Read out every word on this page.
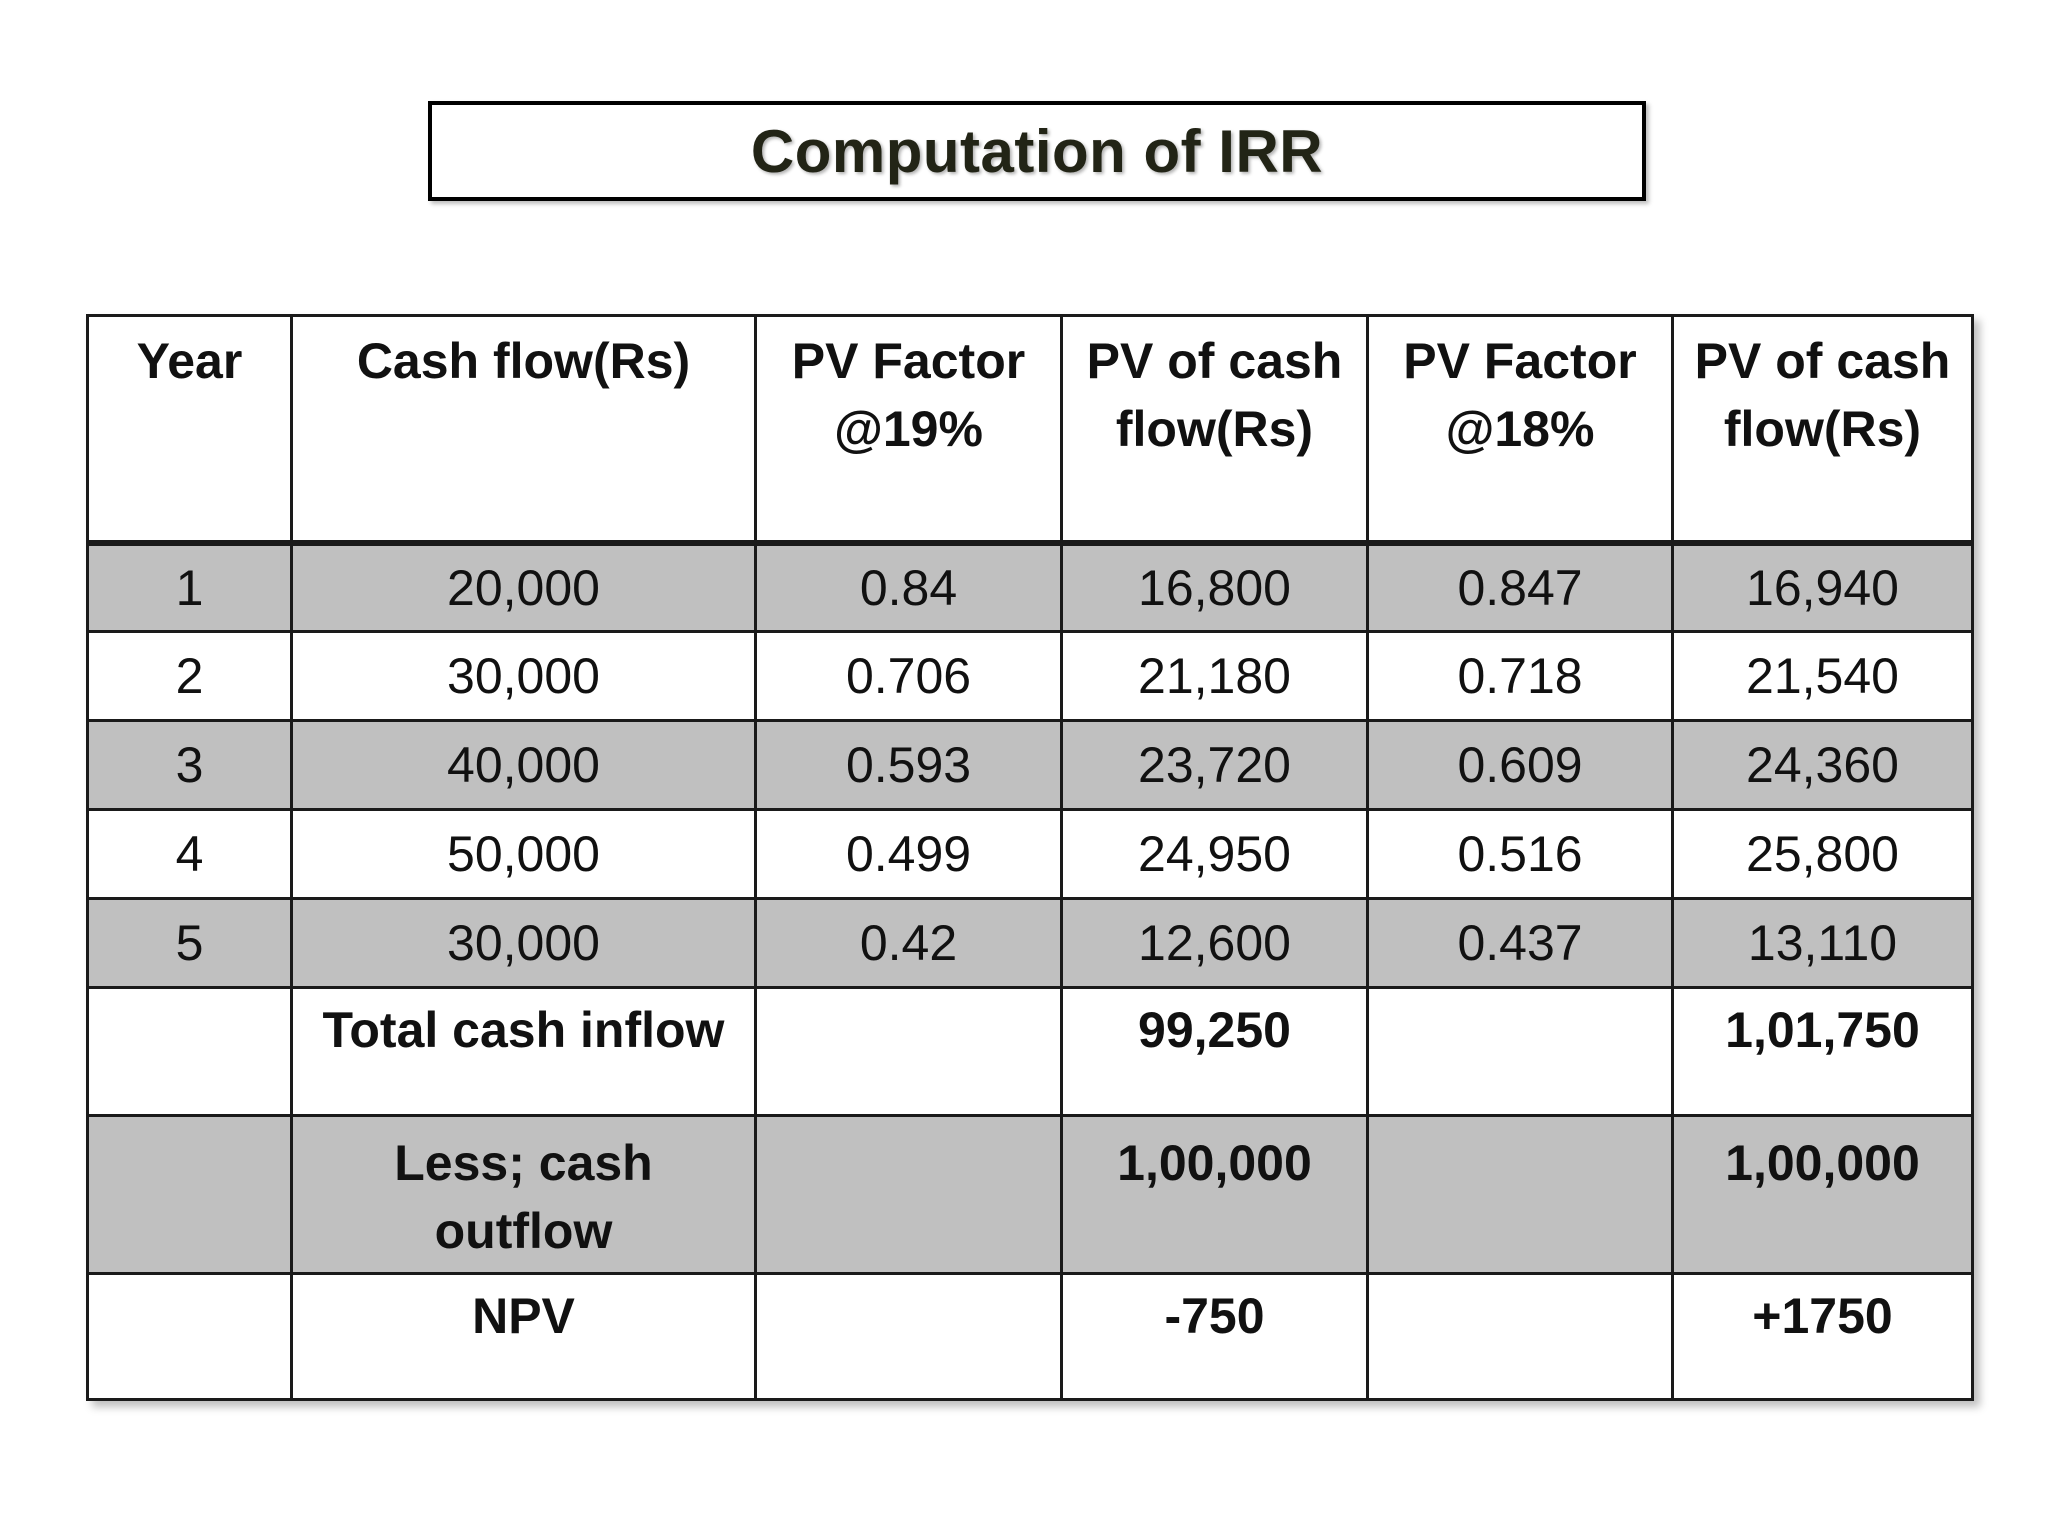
Computation of IRR
Year	Cash flow(Rs)	PV Factor @19%	PV of cash flow(Rs)	PV Factor @18%	PV of cash flow(Rs)

1	20,000	0.84	16,800	0.847	16,940
2	30,000	0.706	21,180	0.718	21,540
3	40,000	0.593	23,720	0.609	24,360
4	50,000	0.499	24,950	0.516	25,800
5	30,000	0.42	12,600	0.437	13,110
	Total cash inflow		99,250		1,01,750
	Less; cash outflow		1,00,000		1,00,000
	NPV		-750		+1750
